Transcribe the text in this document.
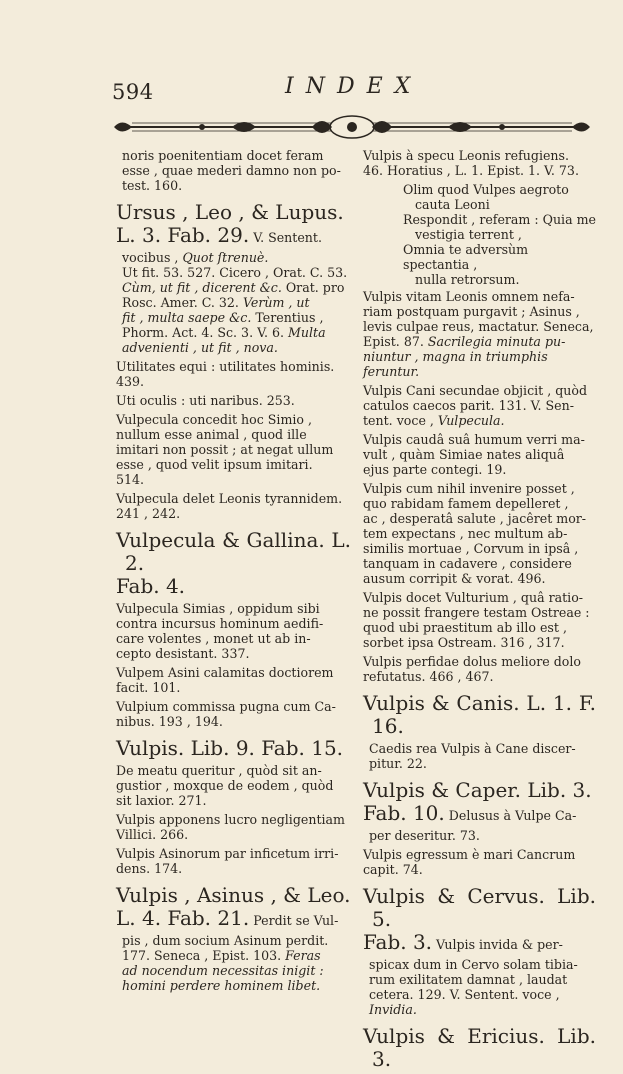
594	INDEX
noris poenitentiam docet feram
esse , quae mederi damno non po-
test. 160.
Ursus , Leo , & Lupus.
L. 3. Fab. 29. V. Sentent.
vocibus , Quot ſtrenuè.
Ut fit. 53. 527. Cicero , Orat. C. 53.
Cùm, ut fit , dicerent &c. Orat. pro
Rosc. Amer. C. 32. Verùm , ut
fit , multa saepe &c. Terentius ,
Phorm. Act. 4. Sc. 3. V. 6. Multa
advenienti , ut fit , nova.
Utilitates equi : utilitates hominis.
439.
Uti oculis : uti naribus. 253.
Vulpecula concedit hoc Simio ,
nullum esse animal , quod ille
imitari non possit ; at negat ullum
esse , quod velit ipsum imitari.
514.
Vulpecula delet Leonis tyrannidem.
241 , 242.
Vulpecula & Gallina. L. 2.
Fab. 4.
Vulpecula Simias , oppidum sibi
contra incursus hominum aedifi-
care volentes , monet ut ab in-
cepto desistant. 337.
Vulpem Asini calamitas doctiorem
facit. 101.
Vulpium commissa pugna cum Ca-
nibus. 193 , 194.
Vulpis. Lib. 9. Fab. 15.
De meatu queritur , quòd sit an-
gustior , moxque de eodem , quòd
sit laxior. 271.
Vulpis apponens lucro negligentiam
Villici. 266.
Vulpis Asinorum par inficetum irri-
dens. 174.
Vulpis , Asinus , & Leo.
L. 4. Fab. 21. Perdit se Vul-
pis , dum socium Asinum perdit.
177. Seneca , Epist. 103. Feras
ad nocendum necessitas inigit :
homini perdere hominem libet.
Vulpis à specu Leonis refugiens.
46. Horatius , L. 1. Epist. 1. V. 73.
Olim quod Vulpes aegroto
cauta Leoni
Respondit , referam : Quia me
vestigia terrent ,
Omnia te adversùm spectantia ,
nulla retrorsum.
Vulpis vitam Leonis omnem nefa-
riam postquam purgavit ; Asinus ,
levis culpae reus, mactatur. Seneca,
Epist. 87. Sacrilegia minuta pu-
niuntur , magna in triumphis
feruntur.
Vulpis Cani secundae objicit , quòd
catulos caecos parit. 131. V. Sen-
tent. voce , Vulpecula.
Vulpis caudâ suâ humum verri ma-
vult , quàm Simiae nates aliquâ
ejus parte contegi. 19.
Vulpis cum nihil invenire posset ,
quo rabidam famem depelleret ,
ac , desperatâ salute , jacêret mor-
tem expectans , nec multum ab-
similis mortuae , Corvum in ipsâ ,
tanquam in cadavere , considere
ausum corripit & vorat. 496.
Vulpis docet Vulturium , quâ ratio-
ne possit frangere testam Ostreae :
quod ubi praestitum ab illo est ,
sorbet ipsa Ostream. 316 , 317.
Vulpis perfidae dolus meliore dolo
refutatus. 466 , 467.
Vulpis & Canis. L. 1. F. 16.
Caedis rea Vulpis à Cane discer-
pitur. 22.
Vulpis & Caper. Lib. 3.
Fab. 10. Delusus à Vulpe Ca-
per deseritur. 73.
Vulpis egressum è mari Cancrum
capit. 74.
Vulpis & Cervus. Lib. 5.
Fab. 3. Vulpis invida & per-
spicax dum in Cervo solam tibia-
rum exilitatem damnat , laudat
cetera. 129. V. Sentent. voce ,
Invidia.
Vulpis & Ericius. Lib. 3.
